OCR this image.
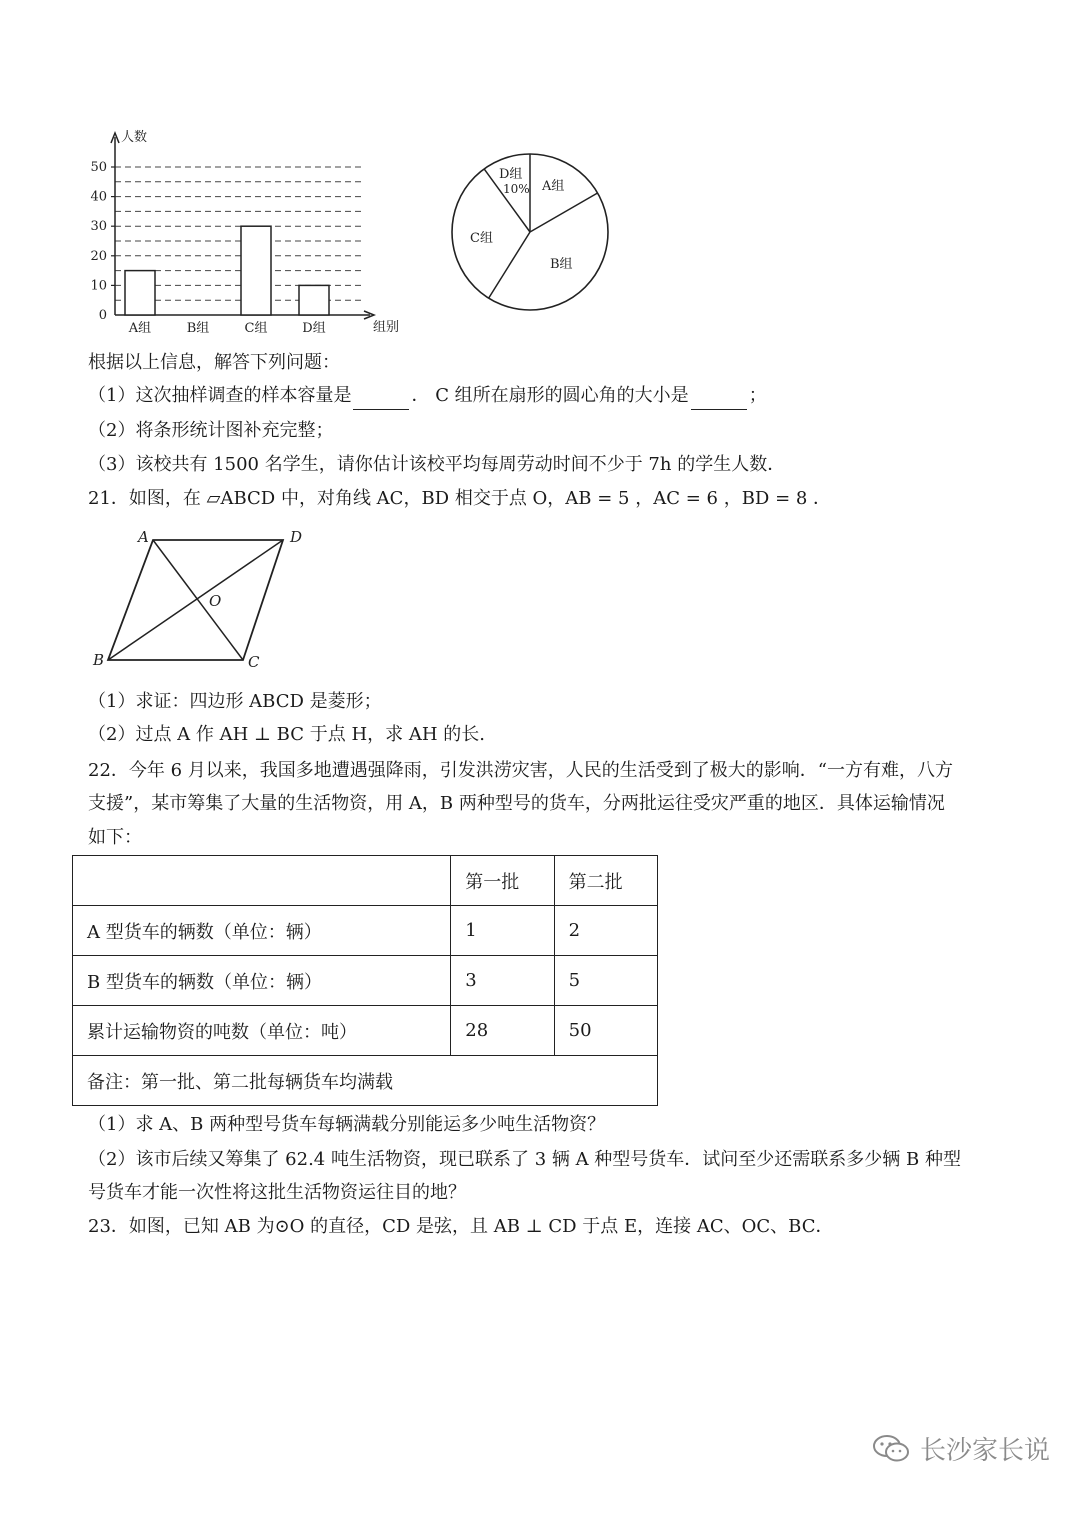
0
10
20
30
40
50
人数
组别
A组	B组	C组	D组
A组
B组
C组
D组
10%
根据以上信息，解答下列问题：
（1）这次抽样调查的样本容量是	． C 组所在扇形的圆心角的大小是	；
（2）将条形统计图补充完整；
（3）该校共有 1500 名学生，请你估计该校平均每周劳动时间不少于 7h 的学生人数．
21．如图，在 ▱ABCD 中，对角线 AC，BD 相交于点 O，AB = 5 ，AC = 6 ，BD = 8 ．
A	D
O
B	C
（1）求证：四边形 ABCD 是菱形；
（2）过点 A 作 AH ⊥ BC 于点 H，求 AH 的长.
22．今年 6 月以来，我国多地遭遇强降雨，引发洪涝灾害，人民的生活受到了极大的影响．“一方有难，八方
支援”，某市筹集了大量的生活物资，用 A，B 两种型号的货车，分两批运往受灾严重的地区．具体运输情况
如下：
	第一批	第二批
A 型货车的辆数（单位：辆）	1	2
B 型货车的辆数（单位：辆）	3	5
累计运输物资的吨数（单位：吨）	28	50
备注：第一批、第二批每辆货车均满载		
（1）求 A、B 两种型号货车每辆满载分别能运多少吨生活物资？
（2）该市后续又筹集了 62.4 吨生活物资，现已联系了 3 辆 A 种型号货车．试问至少还需联系多少辆 B 种型
号货车才能一次性将这批生活物资运往目的地？
23．如图，已知 AB 为⊙O 的直径，CD 是弦，且 AB ⊥ CD 于点 E，连接 AC、OC、BC．
长沙家长说
